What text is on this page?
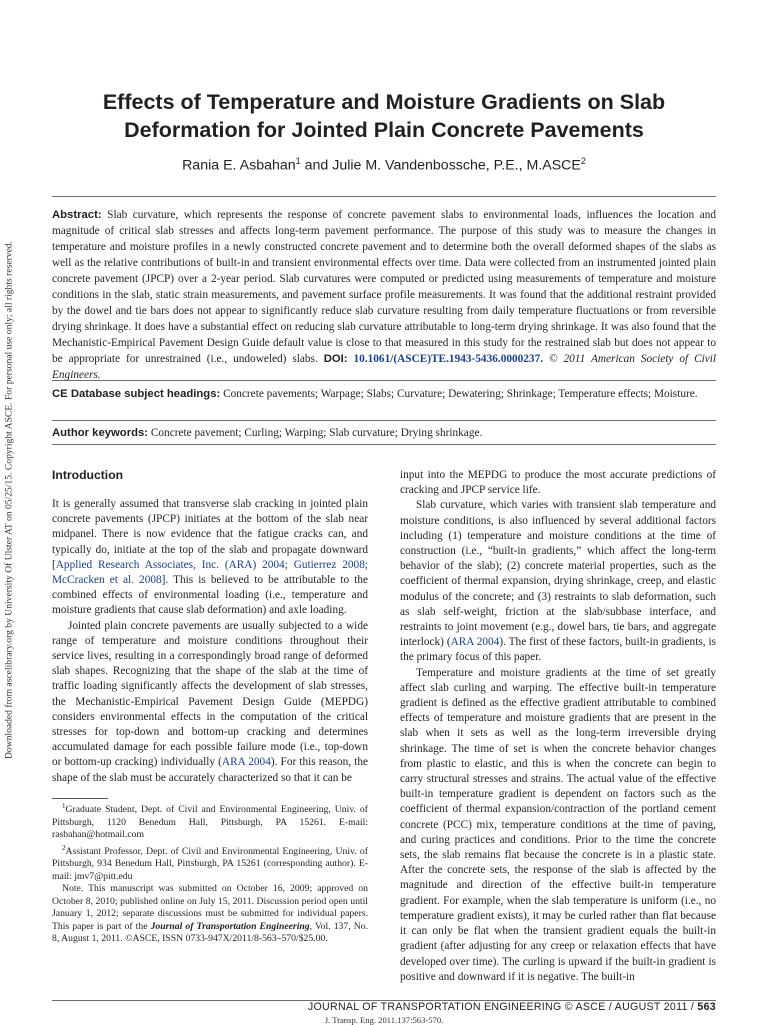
Downloaded from ascelibrary.org by University Of Ulster AT on 05/25/15. Copyright ASCE. For personal use only; all rights reserved.
Effects of Temperature and Moisture Gradients on Slab
Deformation for Jointed Plain Concrete Pavements
Rania E. Asbahan$^1$ and Julie M. Vandenbossche, P.E., M.ASCE$^2$

Abstract: Slab curvature, which represents the response of concrete pavement slabs to environmental loads, influences the location and magnitude of critical slab stresses and affects long-term pavement performance. The purpose of this study was to measure the changes in temperature and moisture profiles in a newly constructed concrete pavement and to determine both the overall deformed shapes of the slabs as well as the relative contributions of built-in and transient environmental effects over time. Data were collected from an instrumented jointed plain concrete pavement (JPCP) over a 2-year period. Slab curvatures were computed or predicted using measurements of temperature and moisture conditions in the slab, static strain measurements, and pavement surface profile measurements. It was found that the additional restraint provided by the dowel and tie bars does not appear to significantly reduce slab curvature resulting from daily temperature fluctuations or from reversible drying shrinkage. It does have a substantial effect on reducing slab curvature attributable to long-term drying shrinkage. It was also found that the Mechanistic-Empirical Pavement Design Guide default value is close to that measured in this study for the restrained slab but does not appear to be appropriate for unrestrained (i.e., undoweled) slabs. DOI: 10.1061/(ASCE)TE.1943-5436.0000237. © 2011 American Society of Civil Engineers.

CE Database subject headings: Concrete pavements; Warpage; Slabs; Curvature; Dewatering; Shrinkage; Temperature effects; Moisture.

Author keywords: Concrete pavement; Curling; Warping; Slab curvature; Drying shrinkage.

Introduction

It is generally assumed that transverse slab cracking in jointed plain concrete pavements (JPCP) initiates at the bottom of the slab near midpanel. There is now evidence that the fatigue cracks can, and typically do, initiate at the top of the slab and propagate downward [Applied Research Associates, Inc. (ARA) 2004; Gutierrez 2008; McCracken et al. 2008]. This is believed to be attributable to the combined effects of environmental loading (i.e., temperature and moisture gradients that cause slab deformation) and axle loading.

Jointed plain concrete pavements are usually subjected to a wide range of temperature and moisture conditions throughout their service lives, resulting in a correspondingly broad range of deformed slab shapes. Recognizing that the shape of the slab at the time of traffic loading significantly affects the development of slab stresses, the Mechanistic-Empirical Pavement Design Guide (MEPDG) considers environmental effects in the computation of the critical stresses for top-down and bottom-up cracking and determines accumulated damage for each possible failure mode (i.e., top-down or bottom-up cracking) individually (ARA 2004). For this reason, the shape of the slab must be accurately characterized so that it can be

$^1$Graduate Student, Dept. of Civil and Environmental Engineering, Univ. of Pittsburgh, 1120 Benedum Hall, Pittsburgh, PA 15261. E-mail: rasbahan@hotmail.com

$^2$Assistant Professor, Dept. of Civil and Environmental Engineering, Univ. of Pittsburgh, 934 Benedum Hall, Pittsburgh, PA 15261 (corresponding author). E-mail: jmv7@pitt.edu

Note. This manuscript was submitted on October 16, 2009; approved on October 8, 2010; published online on July 15, 2011. Discussion period open until January 1, 2012; separate discussions must be submitted for individual papers. This paper is part of the Journal of Transportation Engineering, Vol. 137, No. 8, August 1, 2011. ©ASCE, ISSN 0733-947X/2011/8-563–570/$25.00.

input into the MEPDG to produce the most accurate predictions of cracking and JPCP service life.

Slab curvature, which varies with transient slab temperature and moisture conditions, is also influenced by several additional factors including (1) temperature and moisture conditions at the time of construction (i.e., “built-in gradients,” which affect the long-term behavior of the slab); (2) concrete material properties, such as the coefficient of thermal expansion, drying shrinkage, creep, and elastic modulus of the concrete; and (3) restraints to slab deformation, such as slab self-weight, friction at the slab/subbase interface, and restraints to joint movement (e.g., dowel bars, tie bars, and aggregate interlock) (ARA 2004). The first of these factors, built-in gradients, is the primary focus of this paper.

Temperature and moisture gradients at the time of set greatly affect slab curling and warping. The effective built-in temperature gradient is defined as the effective gradient attributable to combined effects of temperature and moisture gradients that are present in the slab when it sets as well as the long-term irreversible drying shrinkage. The time of set is when the concrete behavior changes from plastic to elastic, and this is when the concrete can begin to carry structural stresses and strains. The actual value of the effective built-in temperature gradient is dependent on factors such as the coefficient of thermal expansion/contraction of the portland cement concrete (PCC) mix, temperature conditions at the time of paving, and curing practices and conditions. Prior to the time the concrete sets, the slab remains flat because the concrete is in a plastic state. After the concrete sets, the response of the slab is affected by the magnitude and direction of the effective built-in temperature gradient. For example, when the slab temperature is uniform (i.e., no temperature gradient exists), it may be curled rather than flat because it can only be flat when the transient gradient equals the built-in gradient (after adjusting for any creep or relaxation effects that have developed over time). The curling is upward if the built-in gradient is positive and downward if it is negative. The built-in

JOURNAL OF TRANSPORTATION ENGINEERING © ASCE / AUGUST 2011 / 563
J. Transp. Eng. 2011.137:563-570.
